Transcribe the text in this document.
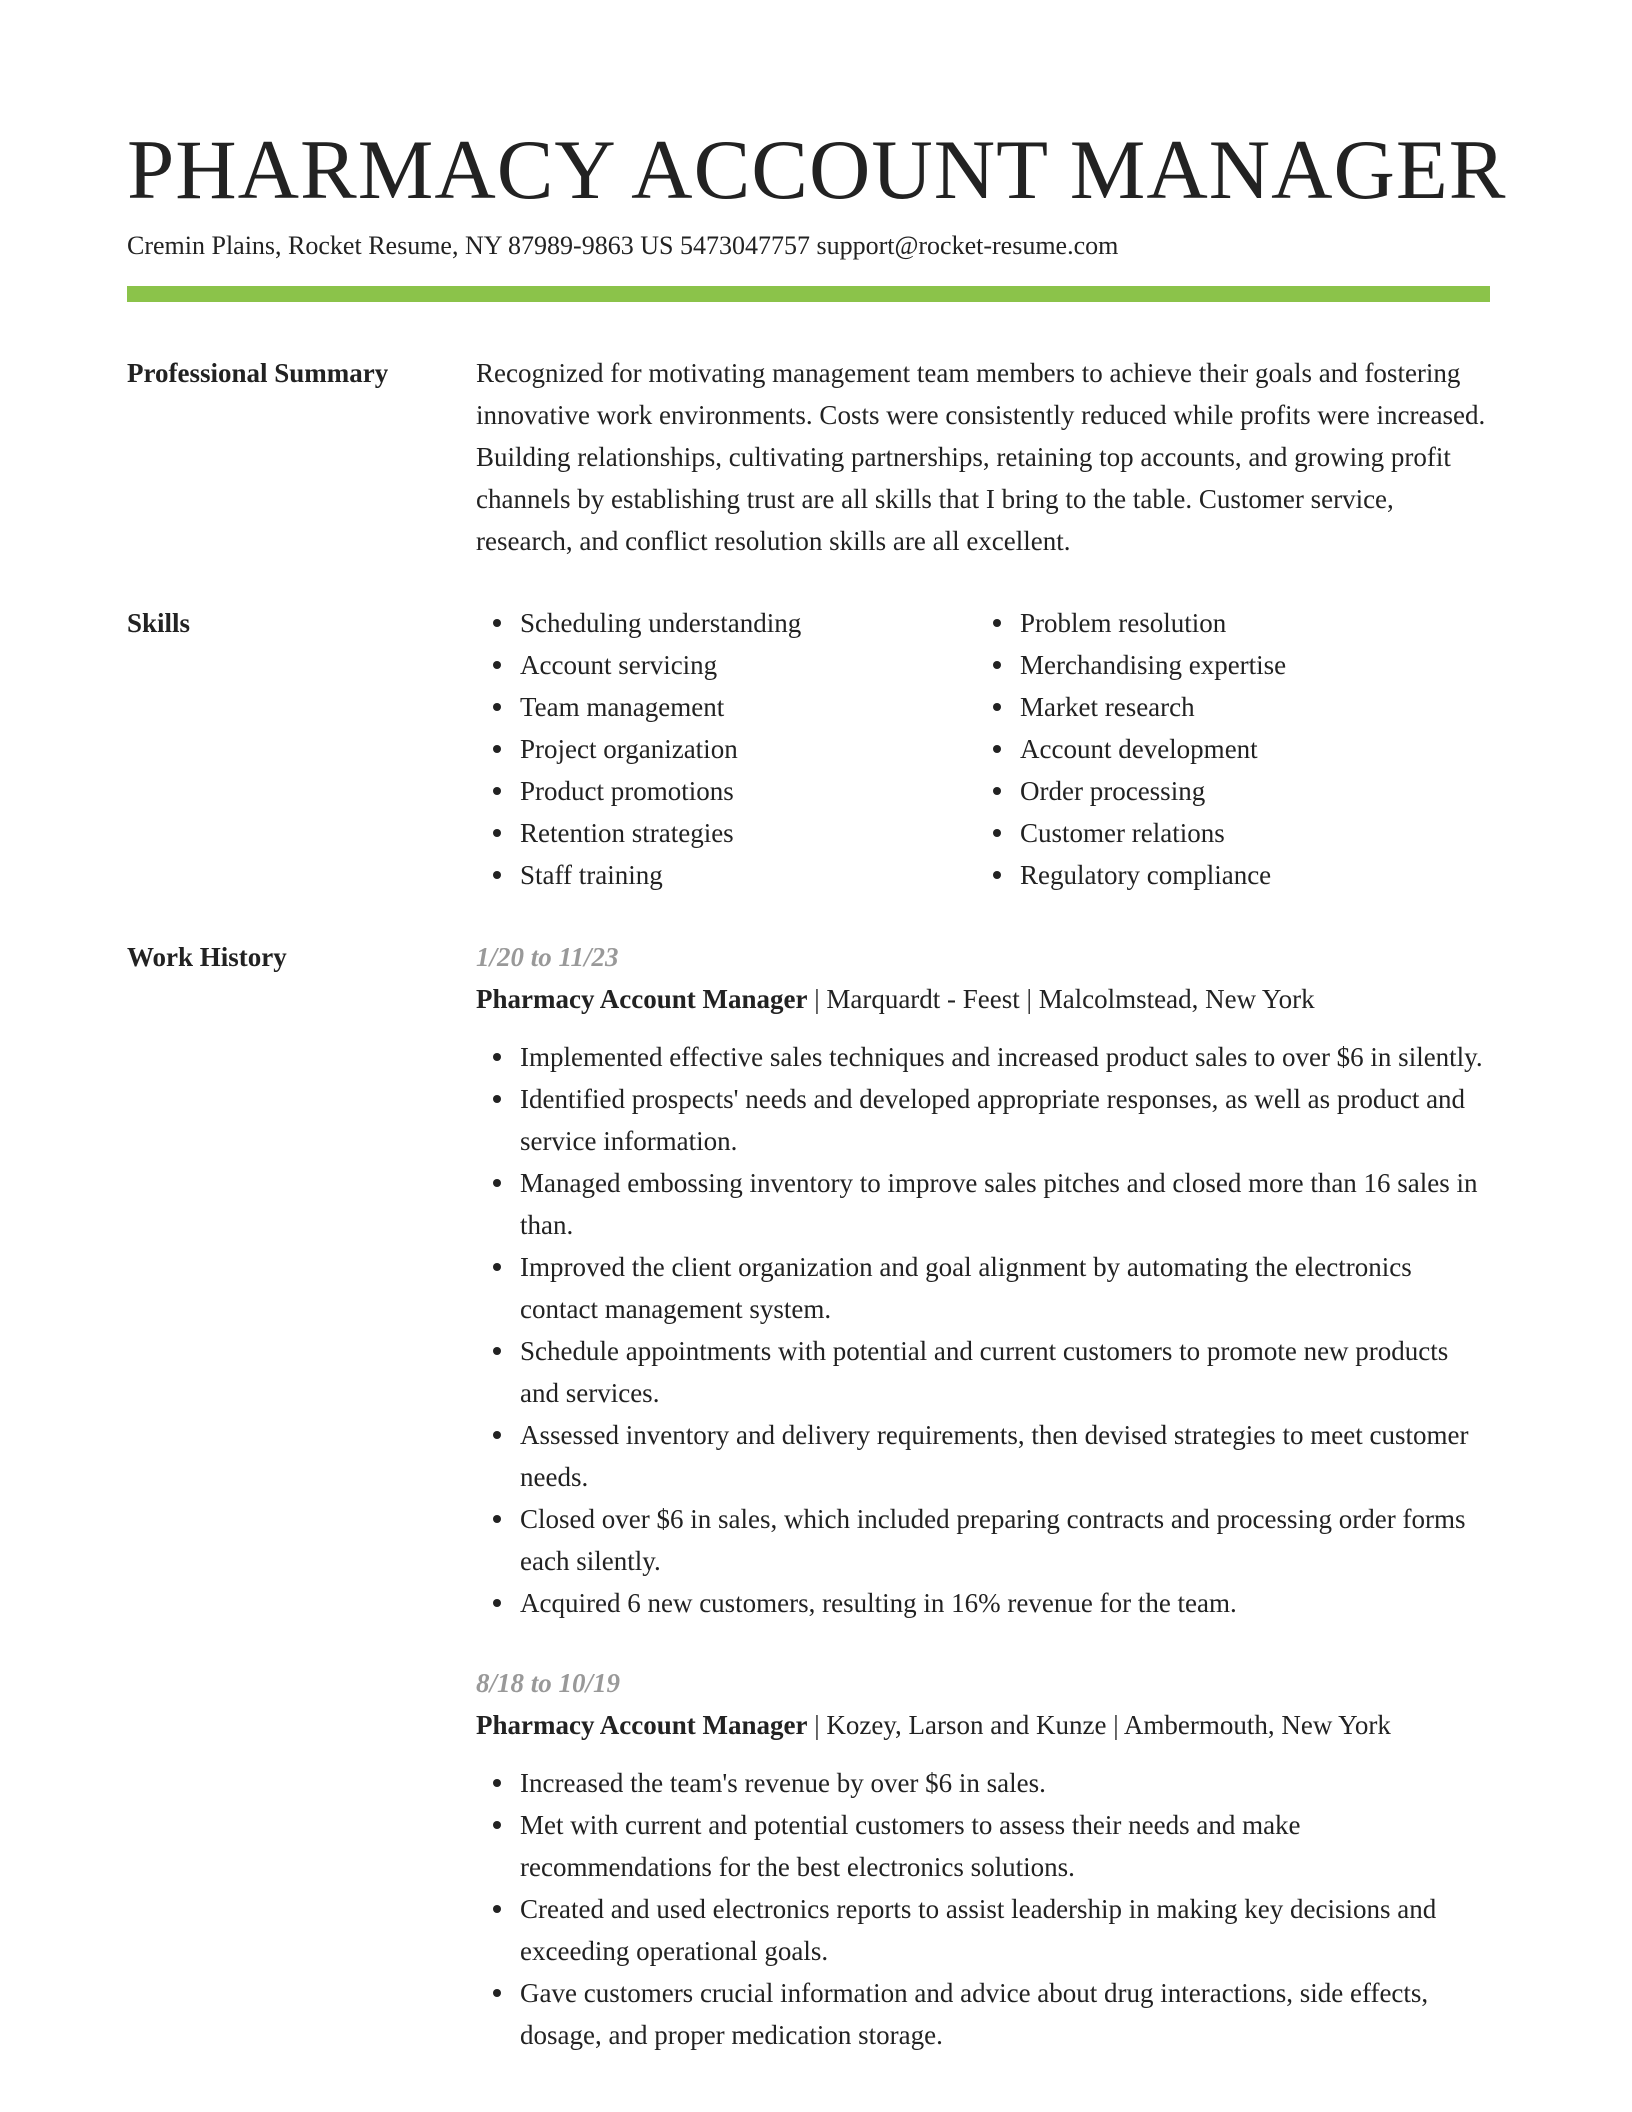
PHARMACY ACCOUNT MANAGER
Cremin Plains, Rocket Resume, NY 87989-9863 US 5473047757 support@rocket-resume.com
Professional Summary	Recognized for motivating management team members to achieve their goals and fostering innovative work environments. Costs were consistently reduced while profits were increased. Building relationships, cultivating partnerships, retaining top accounts, and growing profit channels by establishing trust are all skills that I bring to the table. Customer service, research, and conflict resolution skills are all excellent.

Skills	Scheduling understanding
Account servicing
Team management
Project organization
Product promotions
Retention strategies
Staff training
Problem resolution
Merchandising expertise
Market research
Account development
Order processing
Customer relations
Regulatory compliance
Work History	1/20 to 11/23
Pharmacy Account Manager | Marquardt - Feest | Malcolmstead, New York
Implemented effective sales techniques and increased product sales to over $6 in silently.
Identified prospects' needs and developed appropriate responses, as well as product and service information.
Managed embossing inventory to improve sales pitches and closed more than 16 sales in than.
Improved the client organization and goal alignment by automating the electronics contact management system.
Schedule appointments with potential and current customers to promote new products and services.
Assessed inventory and delivery requirements, then devised strategies to meet customer needs.
Closed over $6 in sales, which included preparing contracts and processing order forms each silently.
Acquired 6 new customers, resulting in 16% revenue for the team.
8/18 to 10/19
Pharmacy Account Manager | Kozey, Larson and Kunze | Ambermouth, New York
Increased the team's revenue by over $6 in sales.
Met with current and potential customers to assess their needs and make recommendations for the best electronics solutions.
Created and used electronics reports to assist leadership in making key decisions and exceeding operational goals.
Gave customers crucial information and advice about drug interactions, side effects, dosage, and proper medication storage.
